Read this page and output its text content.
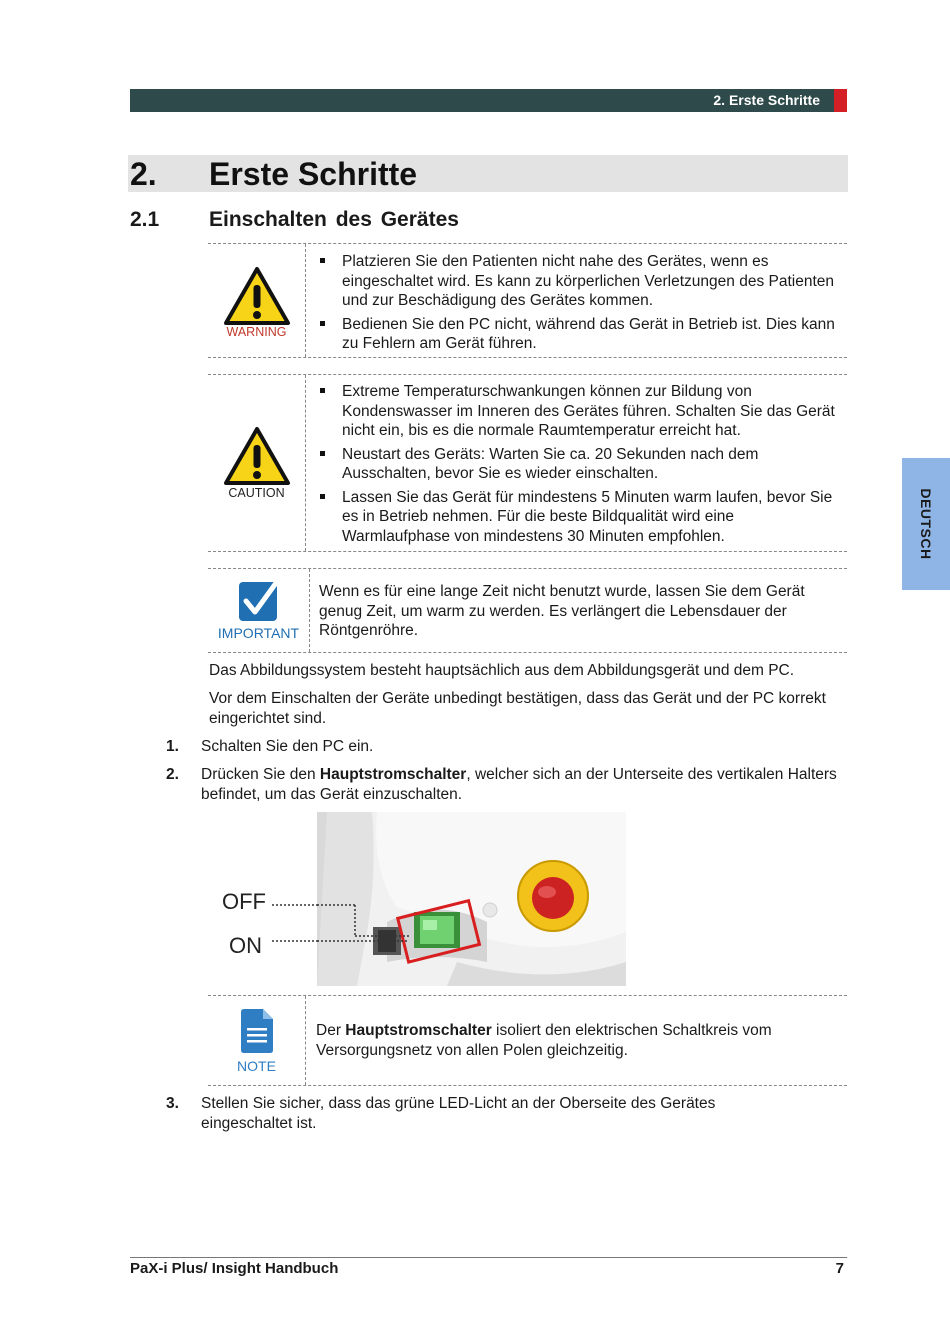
2. Erste Schritte
2. Erste Schritte
2.1 Einschalten des Gerätes
WARNING
Platzieren Sie den Patienten nicht nahe des Gerätes, wenn es eingeschaltet wird. Es kann zu körperlichen Verletzungen des Patienten und zur Beschädigung des Gerätes kommen.
Bedienen Sie den PC nicht, während das Gerät in Betrieb ist. Dies kann zu Fehlern am Gerät führen.
CAUTION
Extreme Temperaturschwankungen können zur Bildung von Kondenswasser im Inneren des Gerätes führen. Schalten Sie das Gerät nicht ein, bis es die normale Raumtemperatur erreicht hat.
Neustart des Geräts: Warten Sie ca. 20 Sekunden nach dem Ausschalten, bevor Sie es wieder einschalten.
Lassen Sie das Gerät für mindestens 5 Minuten warm laufen, bevor Sie es in Betrieb nehmen. Für die beste Bildqualität wird eine Warmlaufphase von mindestens 30 Minuten empfohlen.
IMPORTANT
Wenn es für eine lange Zeit nicht benutzt wurde, lassen Sie dem Gerät genug Zeit, um warm zu werden. Es verlängert die Lebensdauer der Röntgenröhre.
Das Abbildungssystem besteht hauptsächlich aus dem Abbildungsgerät und dem PC.
Vor dem Einschalten der Geräte unbedingt bestätigen, dass das Gerät und der PC korrekt eingerichtet sind.
1. Schalten Sie den PC ein.
2. Drücken Sie den Hauptstromschalter, welcher sich an der Unterseite des vertikalen Halters befindet, um das Gerät einzuschalten.
OFF
ON
NOTE
Der Hauptstromschalter isoliert den elektrischen Schaltkreis vom Versorgungsnetz von allen Polen gleichzeitig.
3. Stellen Sie sicher, dass das grüne LED-Licht an der Oberseite des Gerätes eingeschaltet ist.
DEUTSCH
PaX-i Plus/ Insight Handbuch	7
